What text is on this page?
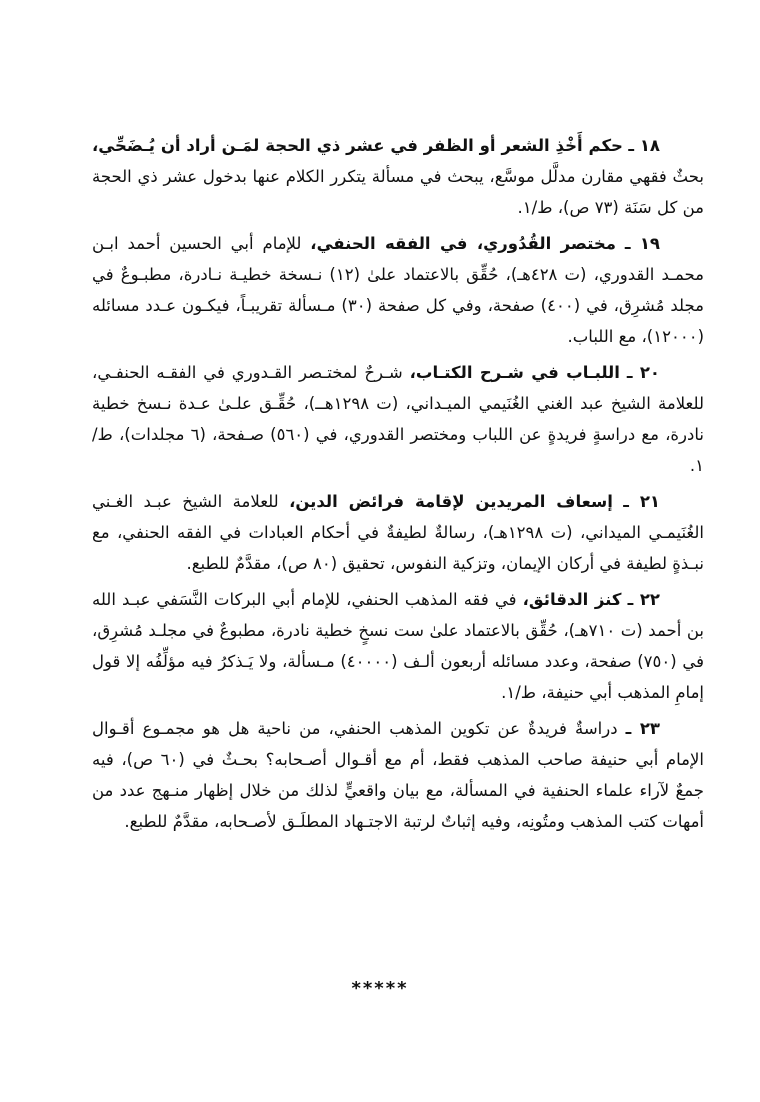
١٨ ـ حكم أَخْذِ الشعر أو الظفر في عشر ذي الحجة لمَـن أراد أن يُـضَحِّي، بحثٌ فقهي مقارن مدلَّل موسَّع، يبحث في مسألة يتكرر الكلام عنها بدخول عشر ذي الحجة من كل سَنَة (٧٣ ص)، ط/١.

١٩ ـ مختصر القُدُوري، في الفقه الحنفي، للإمام أبي الحسين أحمد ابـن محمـد القدوري، (ت ٤٢٨هـ)، حُقِّق بالاعتماد علىٰ (١٢) نـسخة خطيـة نـادرة، مطبـوعٌ في مجلد مُشرِق، في (٤٠٠) صفحة، وفي كل صفحة (٣٠) مـسألة تقريبـاً، فيكـون عـدد مسائله (١٢٠٠٠)، مع اللباب.

٢٠ ـ اللبـاب في شـرح الكتـاب، شـرحٌ لمختـصر القـدوري في الفقـه الحنفـي، للعلامة الشيخ عبد الغني الغُنَيمي الميـداني، (ت ١٢٩٨هــ)، حُقِّـق علـىٰ عـدة نـسخ خطية نادرة، مع دراسةٍ فريدةٍ عن اللباب ومختصر القدوري، في (٥٦٠) صـفحة، (٦ مجلدات)، ط/١.

٢١ ـ إسعاف المريدين لإقامة فرائض الدين، للعلامة الشيخ عبـد الغـني الغُنَيمـي الميداني، (ت ١٢٩٨هـ)، رسالةٌ لطيفةٌ في أحكام العبادات في الفقه الحنفي، مع نبـذةٍ لطيفة في أركان الإيمان، وتزكية النفوس، تحقيق (٨٠ ص)، مقدَّمٌ للطبع.

٢٢ ـ كنز الدقائق، في فقه المذهب الحنفي، للإمام أبي البركات النَّسَفي عبـد الله بن أحمد (ت ٧١٠هـ)، حُقِّق بالاعتماد علىٰ ست نسخٍ خطية نادرة، مطبوعٌ في مجلـد مُشرِق، في (٧٥٠) صفحة، وعدد مسائله أربعون ألـف (٤٠٠٠٠) مـسألة، ولا يَـذكرُ فيه مؤلِّفُه إلا قول إمامِ المذهب أبي حنيفة، ط/١.

٢٣ ـ دراسةٌ فريدةٌ عن تكوين المذهب الحنفي، من ناحية هل هو مجمـوع أقـوال الإمام أبي حنيفة صاحب المذهب فقط، أم مع أقـوال أصـحابه؟ بحـثٌ في (٦٠ ص)، فيه جمعٌ لآراء علماء الحنفية في المسألة، مع بيان واقعيٍّ لذلك من خلال إظهار منـهج عدد من أمهات كتب المذهب ومتُونِه، وفيه إثباتٌ لرتبة الاجتـهاد المطلَـق لأصـحابه، مقدَّمٌ للطبع.

*****
